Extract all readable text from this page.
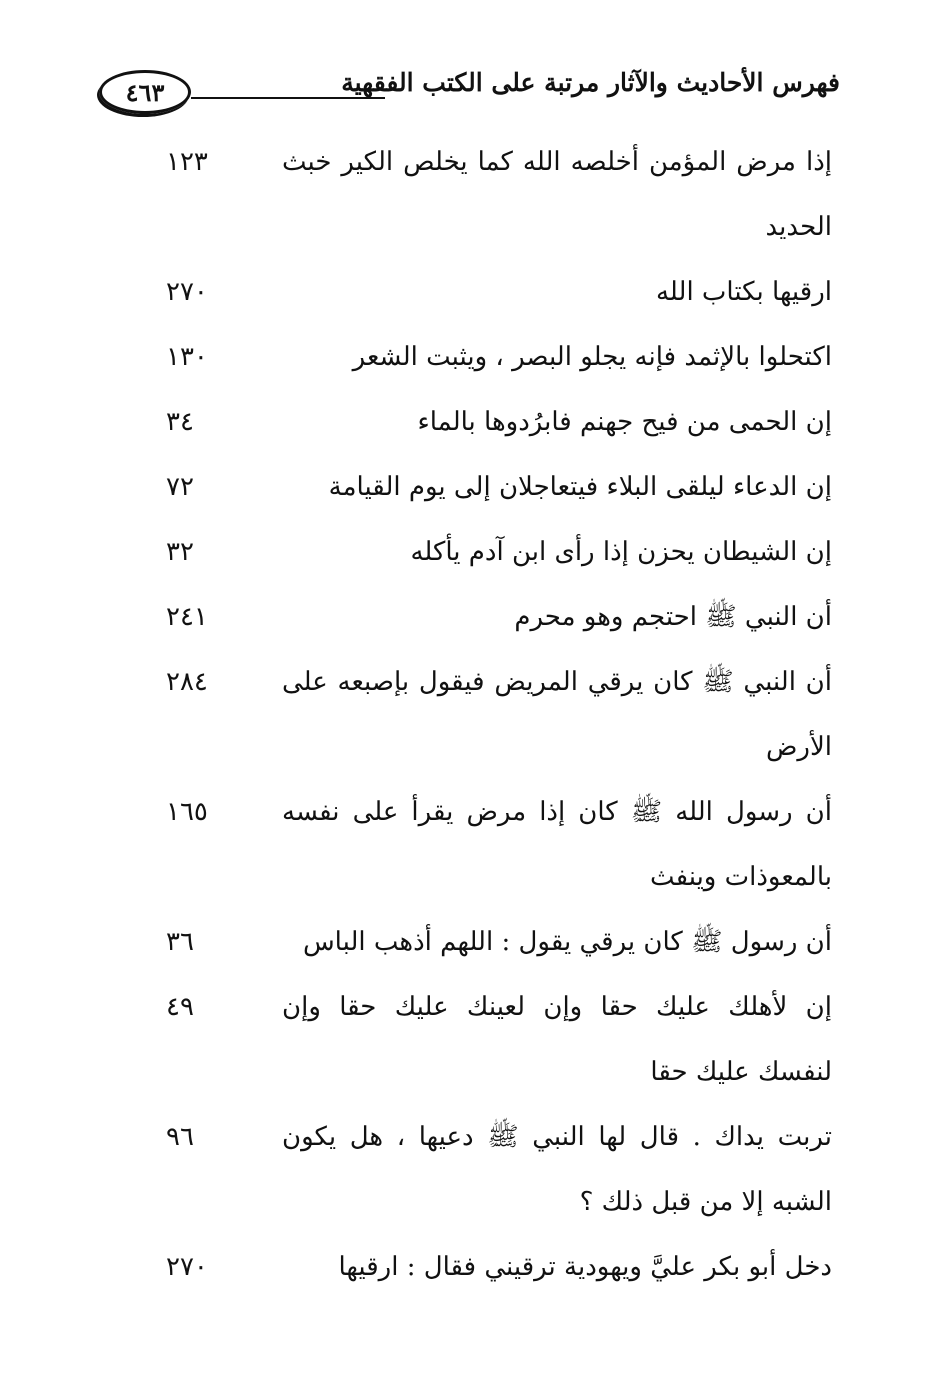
فهرس الأحاديث والآثار مرتبة على الكتب الفقهية
٤٦٣
إذا مرض المؤمن أخلصه الله كما يخلص الكير خبث الحديد
١٢٣
ارقيها بكتاب الله
٢٧٠
اكتحلوا بالإثمد فإنه يجلو البصر ، ويثبت الشعر
١٣٠
إن الحمى من فيح جهنم فابرُدوها بالماء
٣٤
إن الدعاء ليلقى البلاء فيتعاجلان إلى يوم القيامة
٧٢
إن الشيطان يحزن إذا رأى ابن آدم يأكله
٣٢
أن النبي ﷺ احتجم وهو محرم
٢٤١
أن النبي ﷺ كان يرقي المريض فيقول بإصبعه على الأرض
٢٨٤
أن رسول الله ﷺ كان إذا مرض يقرأ على نفسه بالمعوذات وينفث
١٦٥
أن رسول ﷺ كان يرقي يقول : اللهم أذهب الباس
٣٦
إن لأهلك عليك حقا وإن لعينك عليك حقا وإن لنفسك عليك حقا
٤٩
تربت يداك . قال لها النبي ﷺ دعيها ، هل يكون الشبه إلا من قبل ذلك ؟
٩٦
دخل أبو بكر عليَّ ويهودية ترقيني فقال : ارقيها
٢٧٠
